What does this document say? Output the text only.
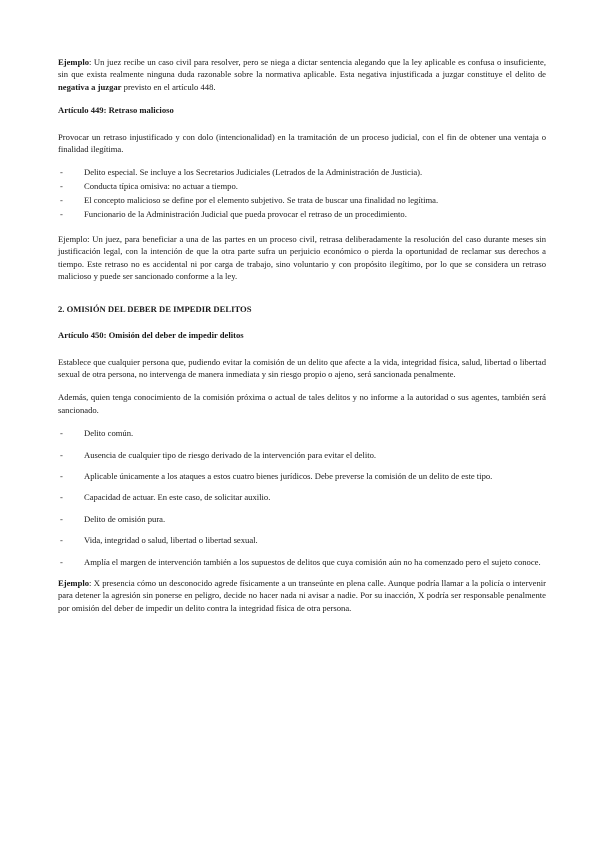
Ejemplo: Un juez recibe un caso civil para resolver, pero se niega a dictar sentencia alegando que la ley aplicable es confusa o insuficiente, sin que exista realmente ninguna duda razonable sobre la normativa aplicable. Esta negativa injustificada a juzgar constituye el delito de negativa a juzgar previsto en el artículo 448.

Artículo 449: Retraso malicioso

Provocar un retraso injustificado y con dolo (intencionalidad) en la tramitación de un proceso judicial, con el fin de obtener una ventaja o finalidad ilegítima.

- Delito especial. Se incluye a los Secretarios Judiciales (Letrados de la Administración de Justicia).
- Conducta típica omisiva: no actuar a tiempo.
- El concepto malicioso se define por el elemento subjetivo. Se trata de buscar una finalidad no legítima.
- Funcionario de la Administración Judicial que pueda provocar el retraso de un procedimiento.

Ejemplo: Un juez, para beneficiar a una de las partes en un proceso civil, retrasa deliberadamente la resolución del caso durante meses sin justificación legal, con la intención de que la otra parte sufra un perjuicio económico o pierda la oportunidad de reclamar sus derechos a tiempo. Este retraso no es accidental ni por carga de trabajo, sino voluntario y con propósito ilegítimo, por lo que se considera un retraso malicioso y puede ser sancionado conforme a la ley.

2. OMISIÓN DEL DEBER DE IMPEDIR DELITOS

Artículo 450: Omisión del deber de impedir delitos

Establece que cualquier persona que, pudiendo evitar la comisión de un delito que afecte a la vida, integridad física, salud, libertad o libertad sexual de otra persona, no intervenga de manera inmediata y sin riesgo propio o ajeno, será sancionada penalmente.

Además, quien tenga conocimiento de la comisión próxima o actual de tales delitos y no informe a la autoridad o sus agentes, también será sancionado.

- Delito común.
- Ausencia de cualquier tipo de riesgo derivado de la intervención para evitar el delito.
- Aplicable únicamente a los ataques a estos cuatro bienes jurídicos. Debe preverse la comisión de un delito de este tipo.
- Capacidad de actuar. En este caso, de solicitar auxilio.
- Delito de omisión pura.
- Vida, integridad o salud, libertad o libertad sexual.
- Amplía el margen de intervención también a los supuestos de delitos que cuya comisión aún no ha comenzado pero el sujeto conoce.

Ejemplo: X presencia cómo un desconocido agrede físicamente a un transeúnte en plena calle. Aunque podría llamar a la policía o intervenir para detener la agresión sin ponerse en peligro, decide no hacer nada ni avisar a nadie. Por su inacción, X podría ser responsable penalmente por omisión del deber de impedir un delito contra la integridad física de otra persona.
